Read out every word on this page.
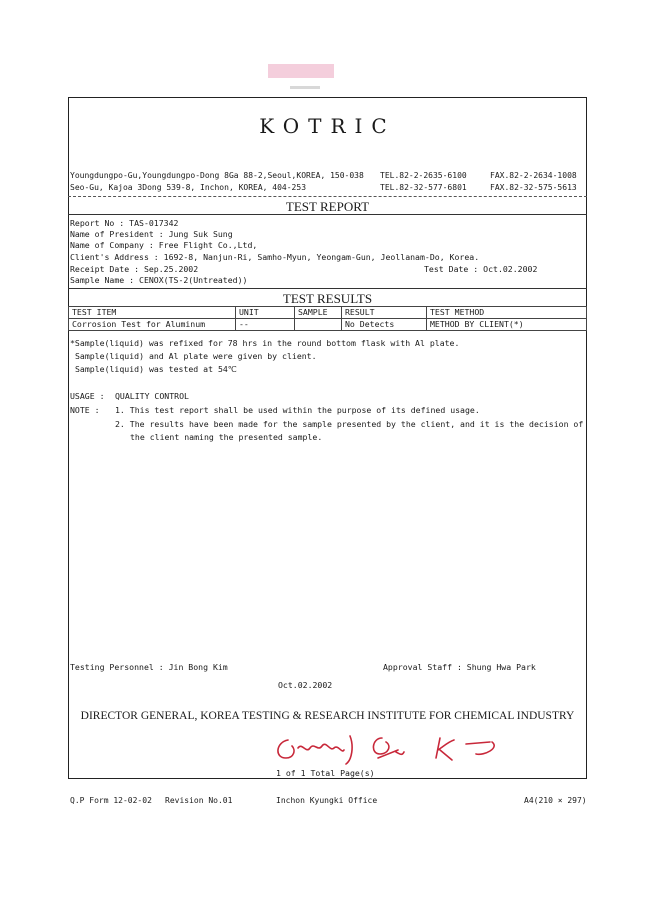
KOTRIC
Youngdungpo-Gu,Youngdungpo-Dong 8Ga 88-2,Seoul,KOREA, 150-038 TEL.82-2-2635-6100	FAX.82-2-2634-1008
Seo-Gu, Kajoa 3Dong 539-8, Inchon, KOREA, 404-253	TEL.82-32-577-6801	FAX.82-32-575-5613
TEST REPORT
Report No : TAS-017342
Name of President : Jung Suk Sung
Name of Company : Free Flight Co.,Ltd,
Client's Address : 1692-8, Nanjun-Ri, Samho-Myun, Yeongam-Gun, Jeollanam-Do, Korea.
Receipt Date : Sep.25.2002	Test Date : Oct.02.2002
Sample Name : CENOX(TS-2(Untreated))
TEST RESULTS
TEST ITEM	UNIT	SAMPLE	RESULT	TEST METHOD
Corrosion Test for Aluminum	--		No Detects	METHOD BY CLIENT(*)
*Sample(liquid) was refixed for 78 hrs in the round bottom flask with Al plate.
Sample(liquid) and Al plate were given by client.
Sample(liquid) was tested at 54℃
USAGE : QUALITY CONTROL
NOTE : 1. This test report shall be used within the purpose of its defined usage.
2. The results have been made for the sample presented by the client, and it is the decision of
the client naming the presented sample.
Testing Personnel : Jin Bong Kim	Approval Staff : Shung Hwa Park
Oct.02.2002
DIRECTOR GENERAL, KOREA TESTING & RESEARCH INSTITUTE FOR CHEMICAL INDUSTRY
1 of 1 Total Page(s)
Q.P Form 12-02-02 Revision No.01	Inchon Kyungki Office	A4(210 × 297)
